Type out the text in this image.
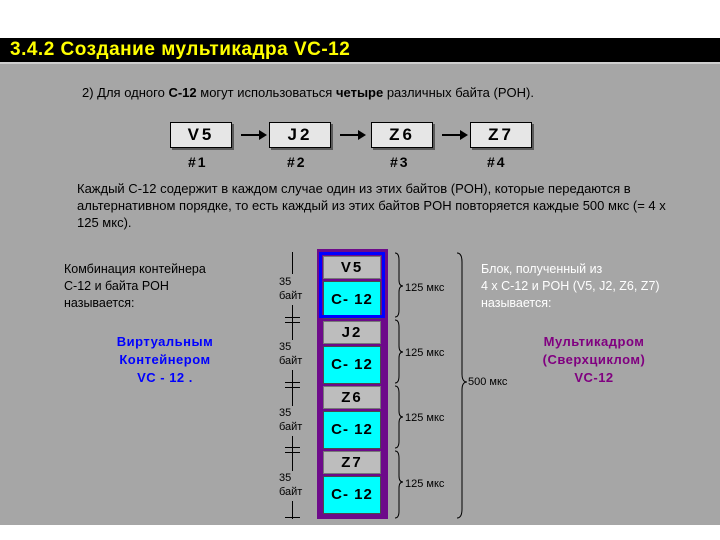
3.4.2 Создание мультикадра VC-12
2) Для одного C-12 могут использоваться четыре различных байта (POH).
V5	J2	Z6	Z7
#1	#2	#3	#4
Каждый C-12 содержит в каждом случае один из этих байтов (POH), которые передаются в альтернативном порядке, то есть каждый из этих байтов POH повторяется каждые 500 мкс (= 4 x 125 мкс).
Комбинация контейнера
C-12 и байта POH
называется:
Виртуальным
Контейнером
VC - 12 .
Блок, полученный из
4 x C-12 и POH (V5, J2, Z6, Z7)
называется:
Мультикадром
(Сверхциклом)
VC-12
V5
C- 12
J2
C- 12
Z6
C- 12
Z7
C- 12
35
байт
35
байт
35
байт
35
байт
125 мкс
125 мкс
125 мкс
125 мкс
500 мкс
